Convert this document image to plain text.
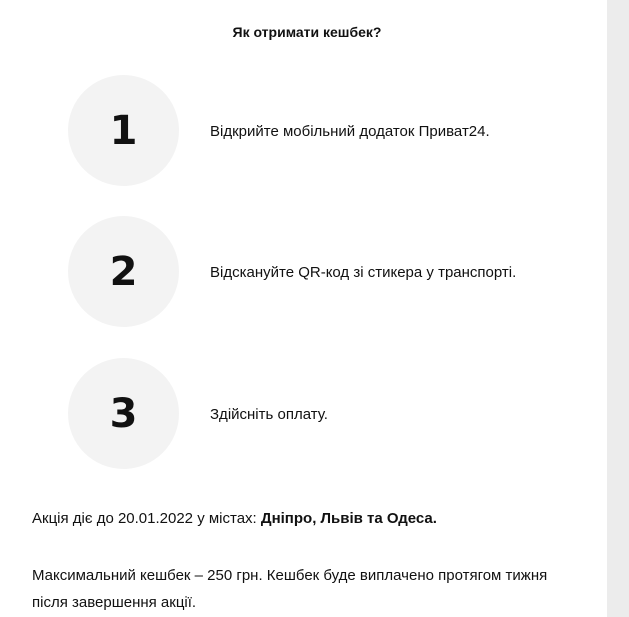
Як отримати кешбек?
1	Відкрийте мобільний додаток Приват24.
2	Відскануйте QR-код зі стикера у транспорті.
3	Здійсніть оплату.
Акція діє до 20.01.2022 у містах: Дніпро, Львів та Одеса.
Максимальний кешбек – 250 грн. Кешбек буде виплачено протягом тижня після завершення акції.
